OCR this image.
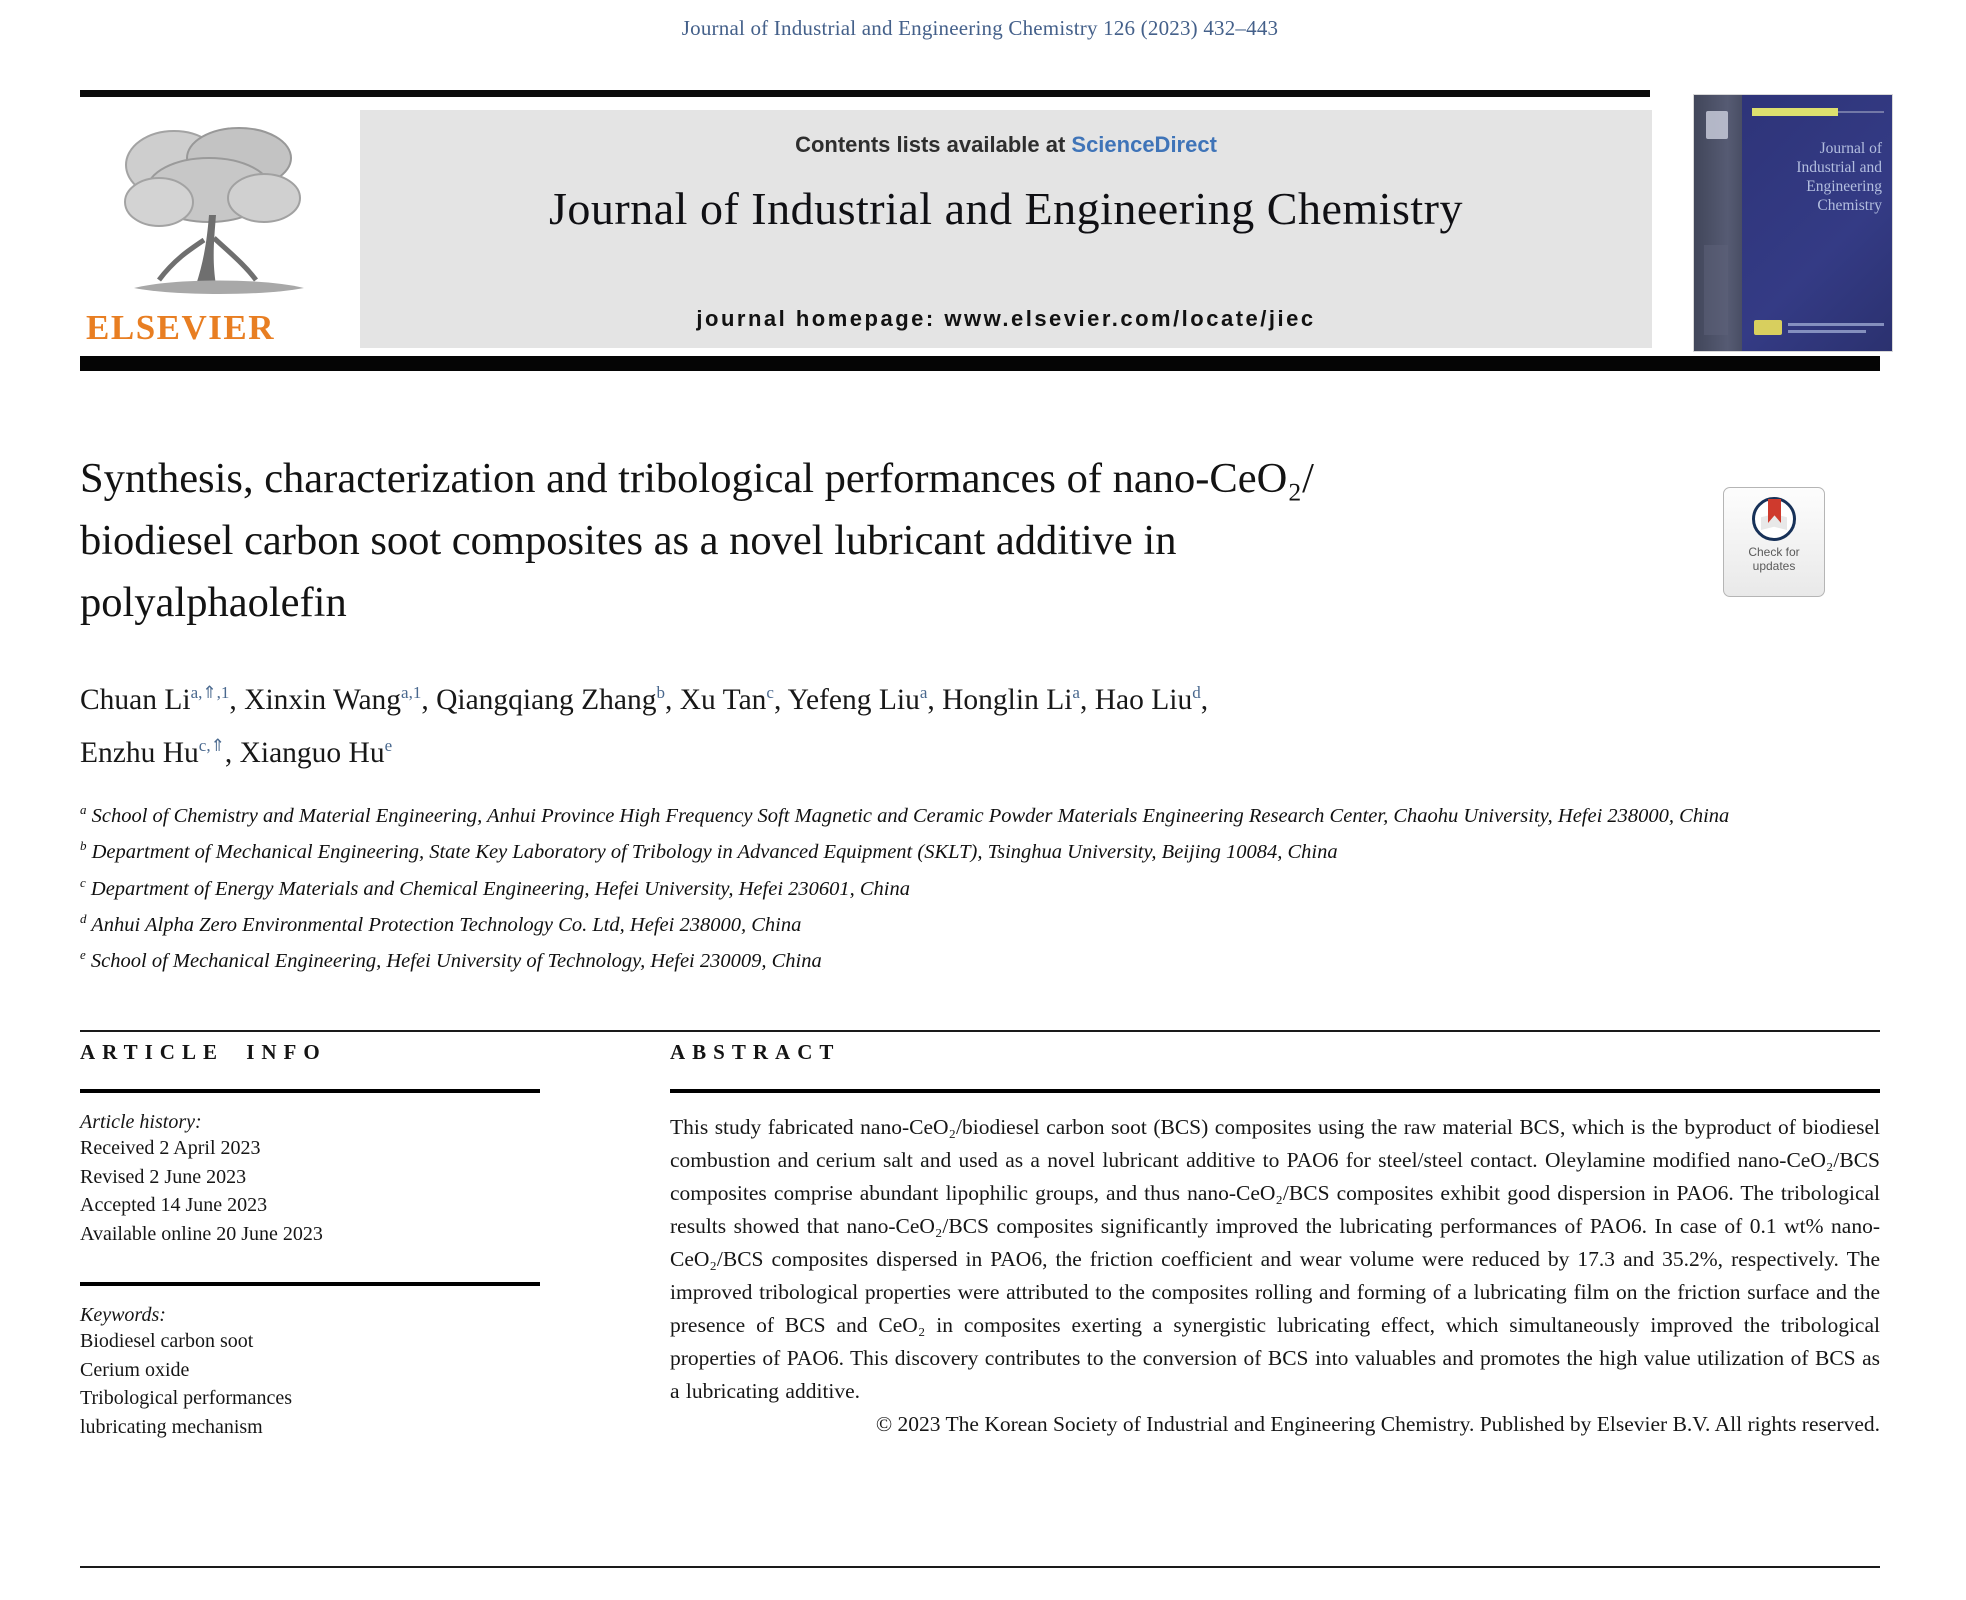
Journal of Industrial and Engineering Chemistry 126 (2023) 432–443
ELSEVIER
Contents lists available at ScienceDirect
Journal of Industrial and Engineering Chemistry
journal homepage: www.elsevier.com/locate/jiec
Journal of
Industrial and
Engineering
Chemistry
Synthesis, characterization and tribological performances of nano-CeO₂/
biodiesel carbon soot composites as a novel lubricant additive in
polyalphaolefin
Check for
updates
Chuan $Li^{a,⇑,1}$, Xinxin Wang$^{a,1}$, Qiangqiang Zhang$^b$, Xu Tan$^c$, Yefeng Liu$^a$, Honglin Li$^a$, Hao Liu$^d$,
Enzhu $Hu^{c,⇑}$, Xianguo Hu$^e$
$^a$ School of Chemistry and Material Engineering, Anhui Province High Frequency Soft Magnetic and Ceramic Powder Materials Engineering Research Center, Chaohu University, Hefei 238000, China
$^b$ Department of Mechanical Engineering, State Key Laboratory of Tribology in Advanced Equipment (SKLT), Tsinghua University, Beijing 10084, China
$^c$ Department of Energy Materials and Chemical Engineering, Hefei University, Hefei 230601, China
$^d$ Anhui Alpha Zero Environmental Protection Technology Co. Ltd, Hefei 238000, China
$^e$ School of Mechanical Engineering, Hefei University of Technology, Hefei 230009, China
ARTICLE INFO
Article history:
Received 2 April 2023
Revised 2 June 2023
Accepted 14 June 2023
Available online 20 June 2023
Keywords:
Biodiesel carbon soot
Cerium oxide
Tribological performances
lubricating mechanism
ABSTRACT
This study fabricated nano-CeO₂/biodiesel carbon soot (BCS) composites using the raw material BCS, which is the byproduct of biodiesel combustion and cerium salt and used as a novel lubricant additive to PAO6 for steel/steel contact. Oleylamine modified nano-CeO₂/BCS composites comprise abundant lipophilic groups, and thus nano-CeO₂/BCS composites exhibit good dispersion in PAO6. The tribological results showed that nano-CeO₂/BCS composites significantly improved the lubricating performances of PAO6. In case of 0.1 wt% nano-CeO₂/BCS composites dispersed in PAO6, the friction coefficient and wear volume were reduced by 17.3 and 35.2%, respectively. The improved tribological properties were attributed to the composites rolling and forming of a lubricating film on the friction surface and the presence of BCS and CeO₂ in composites exerting a synergistic lubricating effect, which simultaneously improved the tribological properties of PAO6. This discovery contributes to the conversion of BCS into valuables and promotes the high value utilization of BCS as a lubricating additive.
© 2023 The Korean Society of Industrial and Engineering Chemistry. Published by Elsevier B.V. All rights reserved.
